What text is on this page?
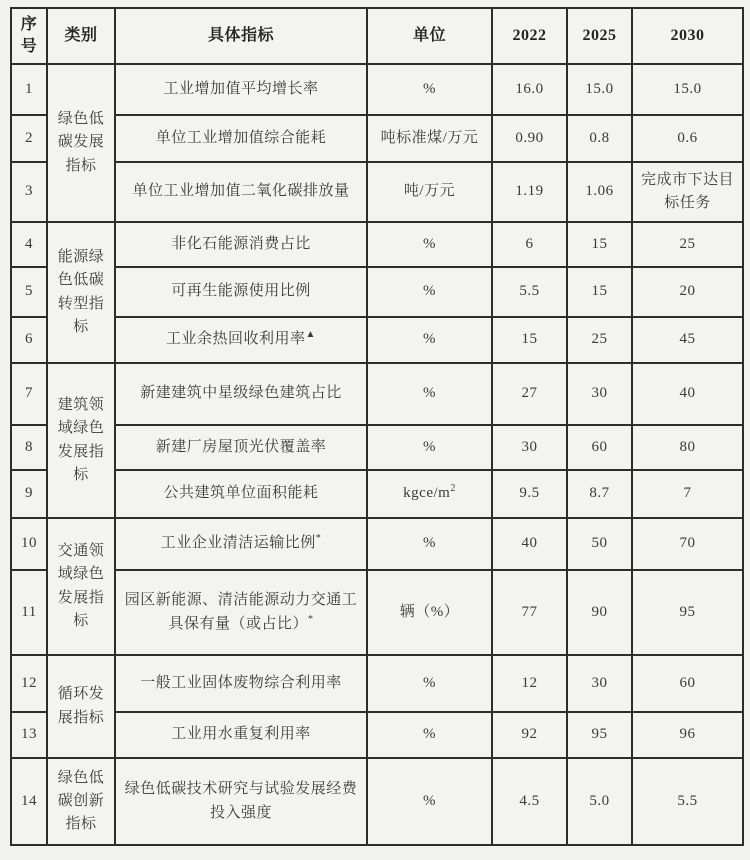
序号	类别	具体指标	单位	2022	2025	2030
1	绿色低碳发展指标	工业增加值平均增长率	%	16.0	15.0	15.0
2		单位工业增加值综合能耗	吨标准煤/万元	0.90	0.8	0.6
3		单位工业增加值二氧化碳排放量	吨/万元	1.19	1.06	完成市下达目标任务
4	能源绿色低碳转型指标	非化石能源消费占比	%	6	15	25
5		可再生能源使用比例	%	5.5	15	20
6		工业余热回收利用率▲	%	15	25	45
7	建筑领域绿色发展指标	新建建筑中星级绿色建筑占比	%	27	30	40
8		新建厂房屋顶光伏覆盖率	%	30	60	80
9		公共建筑单位面积能耗	kgce/$m^2$	9.5	8.7	7
10	交通领域绿色发展指标	工业企业清洁运输比例*	%	40	50	70
11		园区新能源、清洁能源动力交通工具保有量（或占比）*	辆（%）	77	90	95
12	循环发展指标	一般工业固体废物综合利用率	%	12	30	60
13		工业用水重复利用率	%	92	95	96
14	绿色低碳创新指标	绿色低碳技术研究与试验发展经费投入强度	%	4.5	5.0	5.5
